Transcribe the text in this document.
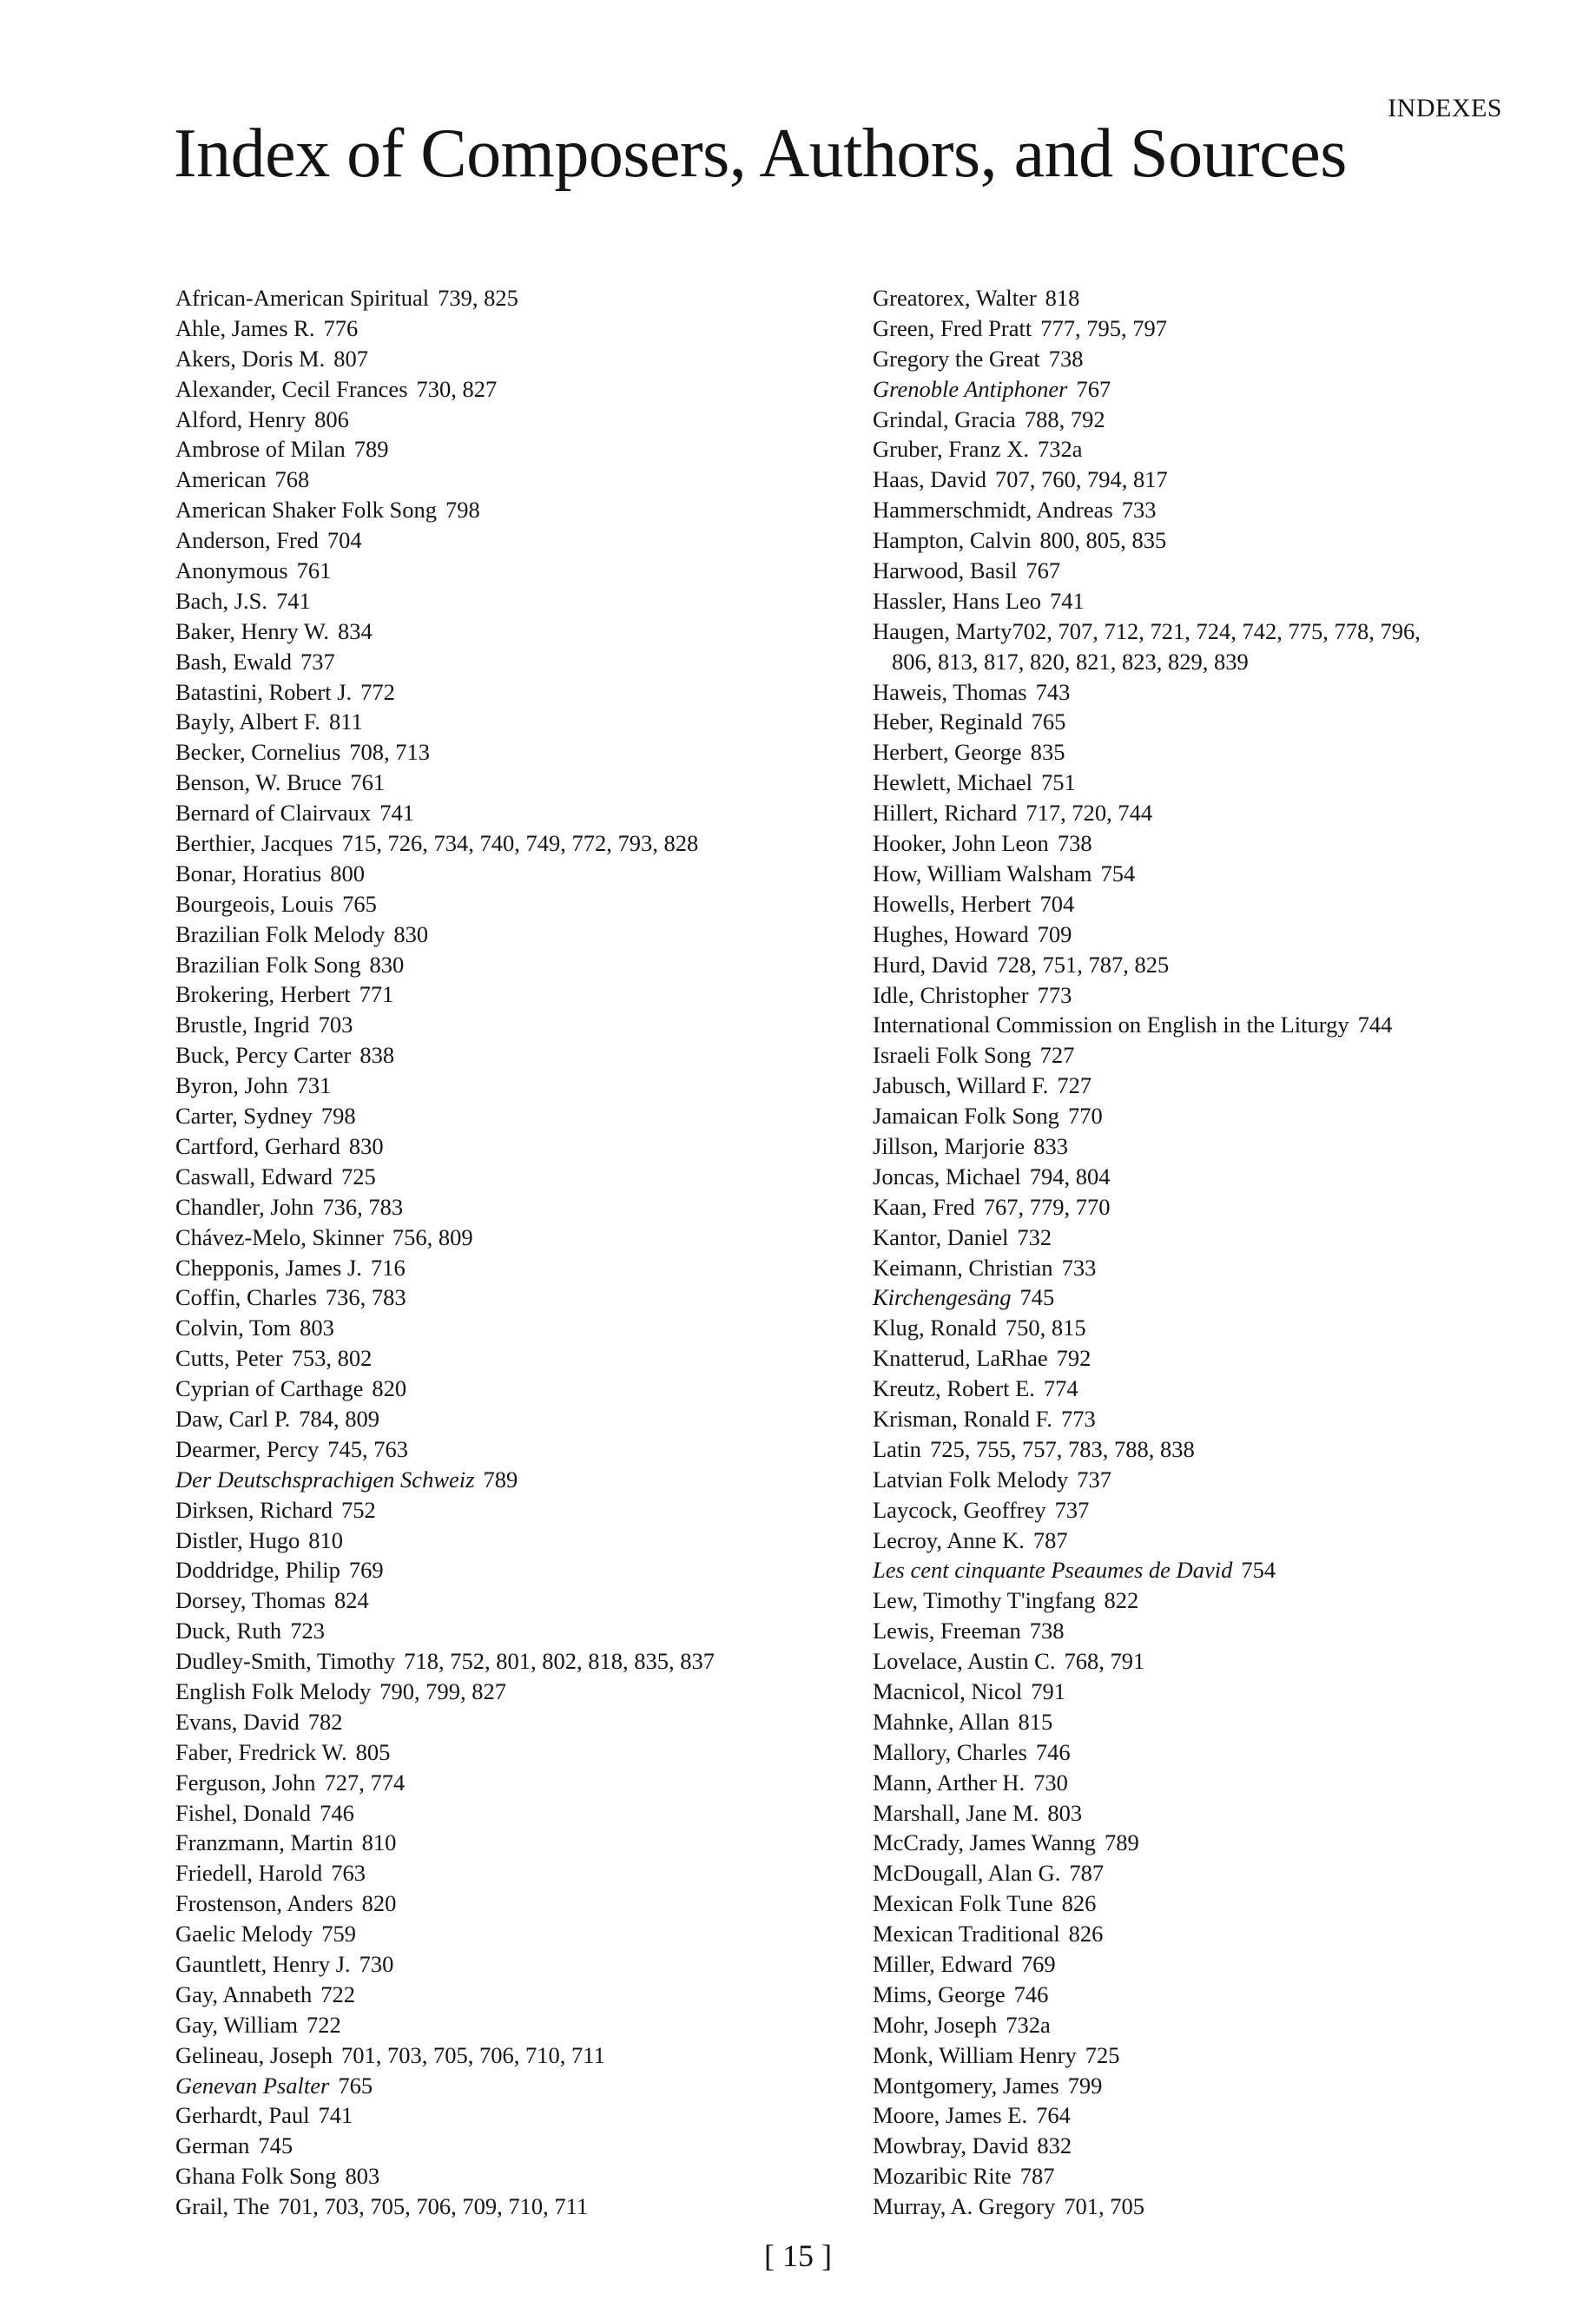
INDEXES
Index of Composers, Authors, and Sources
African-American Spiritual 739, 825
Ahle, James R. 776
Akers, Doris M. 807
Alexander, Cecil Frances 730, 827
Alford, Henry 806
Ambrose of Milan 789
American 768
American Shaker Folk Song 798
Anderson, Fred 704
Anonymous 761
Bach, J.S. 741
Baker, Henry W. 834
Bash, Ewald 737
Batastini, Robert J. 772
Bayly, Albert F. 811
Becker, Cornelius 708, 713
Benson, W. Bruce 761
Bernard of Clairvaux 741
Berthier, Jacques 715, 726, 734, 740, 749, 772, 793, 828
Bonar, Horatius 800
Bourgeois, Louis 765
Brazilian Folk Melody 830
Brazilian Folk Song 830
Brokering, Herbert 771
Brustle, Ingrid 703
Buck, Percy Carter 838
Byron, John 731
Carter, Sydney 798
Cartford, Gerhard 830
Caswall, Edward 725
Chandler, John 736, 783
Chávez-Melo, Skinner 756, 809
Chepponis, James J. 716
Coffin, Charles 736, 783
Colvin, Tom 803
Cutts, Peter 753, 802
Cyprian of Carthage 820
Daw, Carl P. 784, 809
Dearmer, Percy 745, 763
Der Deutschsprachigen Schweiz 789
Dirksen, Richard 752
Distler, Hugo 810
Doddridge, Philip 769
Dorsey, Thomas 824
Duck, Ruth 723
Dudley-Smith, Timothy 718, 752, 801, 802, 818, 835, 837
English Folk Melody 790, 799, 827
Evans, David 782
Faber, Fredrick W. 805
Ferguson, John 727, 774
Fishel, Donald 746
Franzmann, Martin 810
Friedell, Harold 763
Frostenson, Anders 820
Gaelic Melody 759
Gauntlett, Henry J. 730
Gay, Annabeth 722
Gay, William 722
Gelineau, Joseph 701, 703, 705, 706, 710, 711
Genevan Psalter 765
Gerhardt, Paul 741
German 745
Ghana Folk Song 803
Grail, The 701, 703, 705, 706, 709, 710, 711
Greatorex, Walter 818
Green, Fred Pratt 777, 795, 797
Gregory the Great 738
Grenoble Antiphoner 767
Grindal, Gracia 788, 792
Gruber, Franz X. 732a
Haas, David 707, 760, 794, 817
Hammerschmidt, Andreas 733
Hampton, Calvin 800, 805, 835
Harwood, Basil 767
Hassler, Hans Leo 741
Haugen, Marty702, 707, 712, 721, 724, 742, 775, 778, 796,
806, 813, 817, 820, 821, 823, 829, 839
Haweis, Thomas 743
Heber, Reginald 765
Herbert, George 835
Hewlett, Michael 751
Hillert, Richard 717, 720, 744
Hooker, John Leon 738
How, William Walsham 754
Howells, Herbert 704
Hughes, Howard 709
Hurd, David 728, 751, 787, 825
Idle, Christopher 773
International Commission on English in the Liturgy 744
Israeli Folk Song 727
Jabusch, Willard F. 727
Jamaican Folk Song 770
Jillson, Marjorie 833
Joncas, Michael 794, 804
Kaan, Fred 767, 779, 770
Kantor, Daniel 732
Keimann, Christian 733
Kirchengesäng 745
Klug, Ronald 750, 815
Knatterud, LaRhae 792
Kreutz, Robert E. 774
Krisman, Ronald F. 773
Latin 725, 755, 757, 783, 788, 838
Latvian Folk Melody 737
Laycock, Geoffrey 737
Lecroy, Anne K. 787
Les cent cinquante Pseaumes de David 754
Lew, Timothy T'ingfang 822
Lewis, Freeman 738
Lovelace, Austin C. 768, 791
Macnicol, Nicol 791
Mahnke, Allan 815
Mallory, Charles 746
Mann, Arther H. 730
Marshall, Jane M. 803
McCrady, James Wanng 789
McDougall, Alan G. 787
Mexican Folk Tune 826
Mexican Traditional 826
Miller, Edward 769
Mims, George 746
Mohr, Joseph 732a
Monk, William Henry 725
Montgomery, James 799
Moore, James E. 764
Mowbray, David 832
Mozaribic Rite 787
Murray, A. Gregory 701, 705
[ 15 ]
